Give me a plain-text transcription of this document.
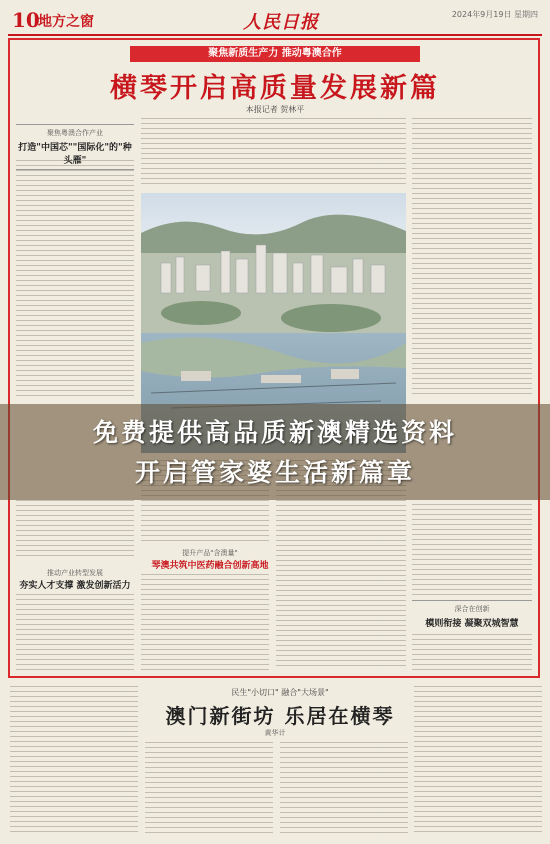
10
地方之窗	人民日报	2024年9月19日 星期四
聚焦新质生产力 推动粤澳合作
横琴开启高质量发展新篇
本报记者 贺林平
聚焦粤澳合作产业
打造"中国芯""国际化"的"种头雁"
推动产业转型发展
夯实人才支撑 激发创新活力
免费提供高品质新澳精选资料
开启管家婆生活新篇章
提升产品"含澳量"
琴澳共筑中医药融合创新高地
深合在创新
模则衔接 凝聚双城智慧
民生"小切口" 融合"大场景"
澳门新街坊 乐居在横琴
黄华计
